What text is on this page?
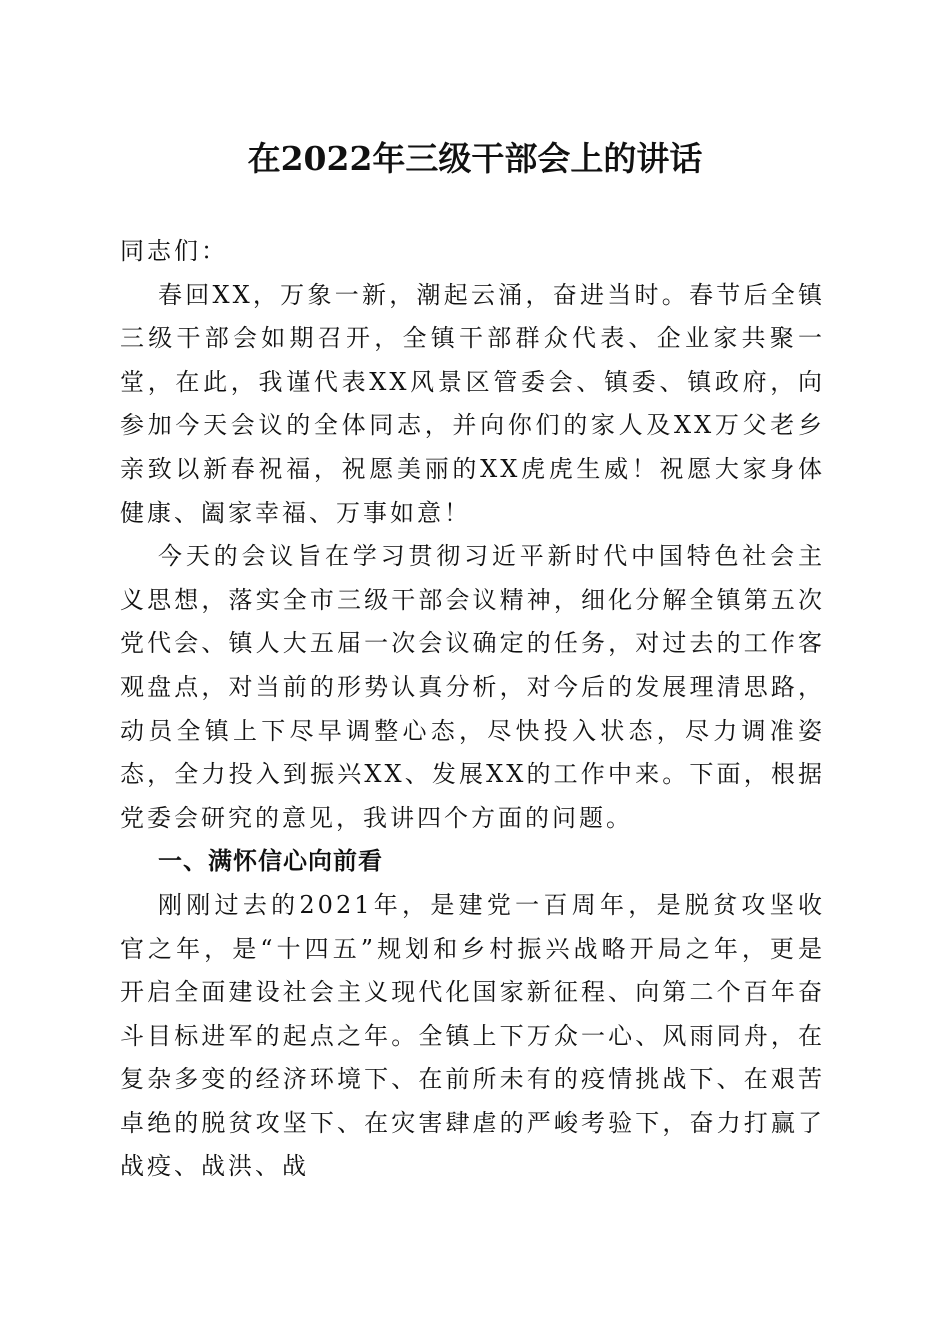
在2022年三级干部会上的讲话

同志们：

春回XX，万象一新，潮起云涌，奋进当时。春节后全镇三级干部会如期召开，全镇干部群众代表、企业家共聚一堂，在此，我谨代表XX风景区管委会、镇委、镇政府，向参加今天会议的全体同志，并向你们的家人及XX万父老乡亲致以新春祝福，祝愿美丽的XX虎虎生威！祝愿大家身体健康、阖家幸福、万事如意！

今天的会议旨在学习贯彻习近平新时代中国特色社会主义思想，落实全市三级干部会议精神，细化分解全镇第五次党代会、镇人大五届一次会议确定的任务，对过去的工作客观盘点，对当前的形势认真分析，对今后的发展理清思路，动员全镇上下尽早调整心态，尽快投入状态，尽力调准姿态，全力投入到振兴XX、发展XX的工作中来。下面，根据党委会研究的意见，我讲四个方面的问题。

一、满怀信心向前看

刚刚过去的2021年，是建党一百周年，是脱贫攻坚收官之年，是“十四五”规划和乡村振兴战略开局之年，更是开启全面建设社会主义现代化国家新征程、向第二个百年奋斗目标进军的起点之年。全镇上下万众一心、风雨同舟，在复杂多变的经济环境下、在前所未有的疫情挑战下、在艰苦卓绝的脱贫攻坚下、在灾害肆虐的严峻考验下，奋力打赢了战疫、战洪、战
